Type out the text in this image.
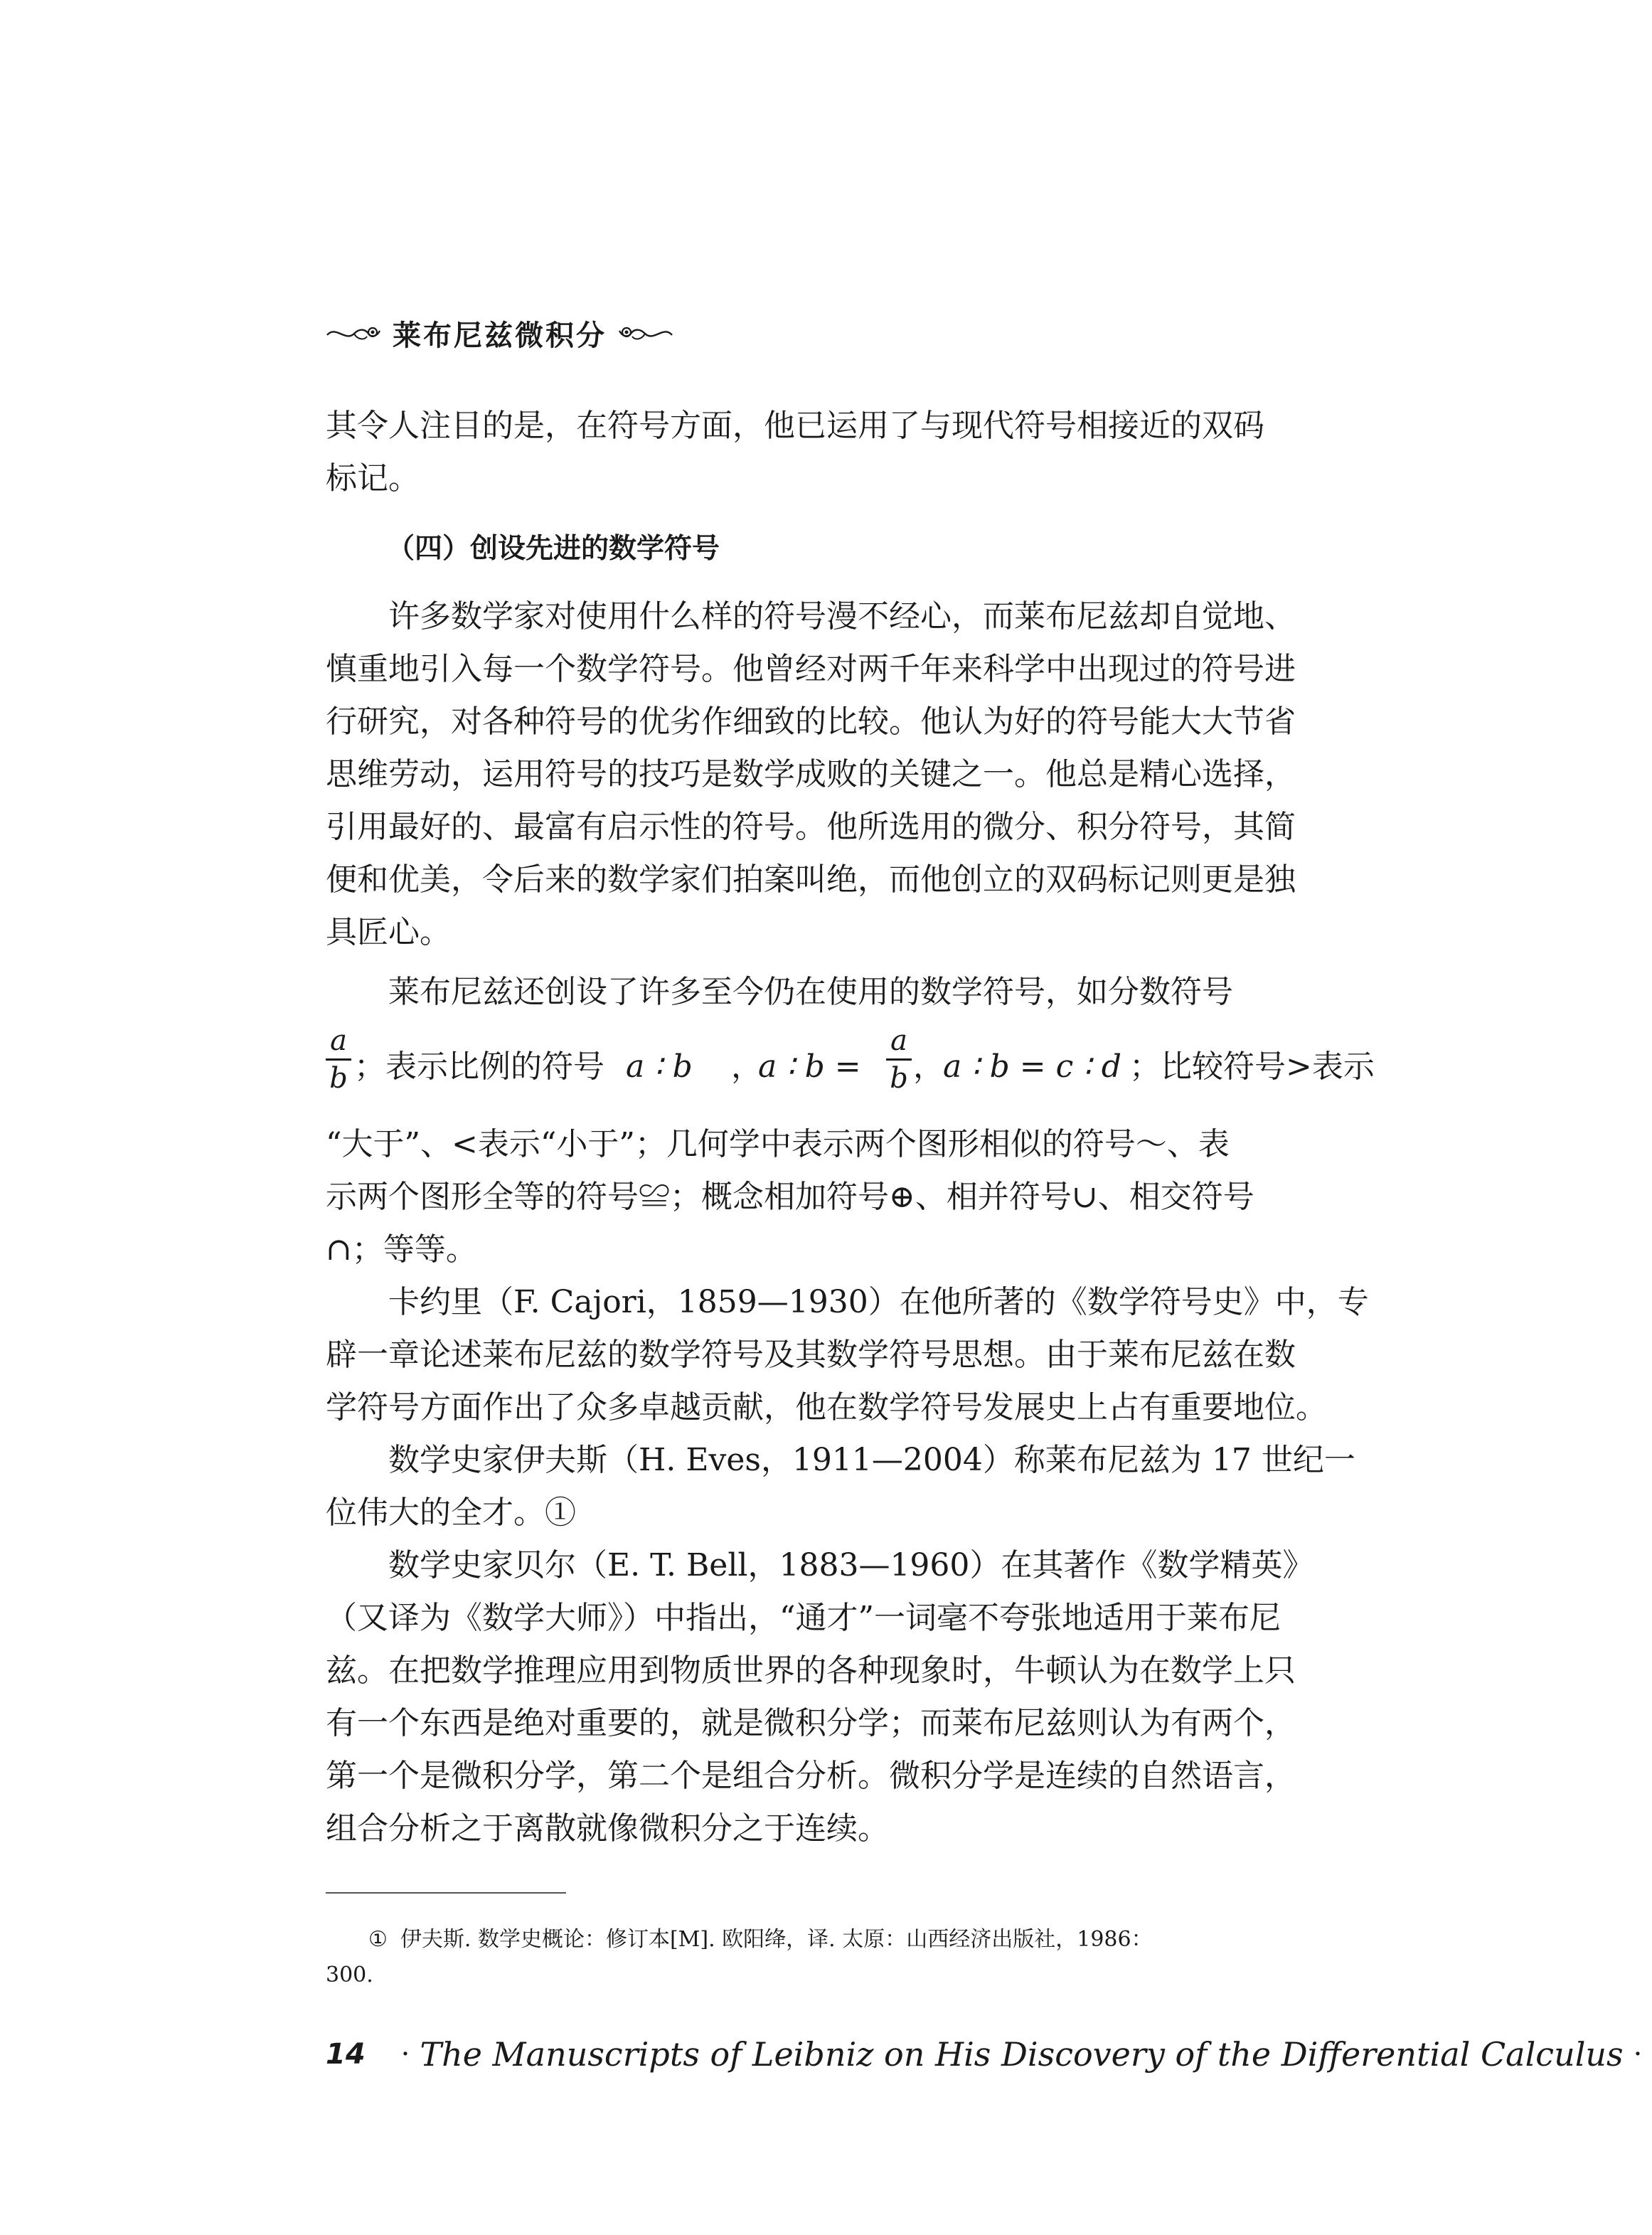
莱布尼兹微积分
其令人注目的是，在符号方面，他已运用了与现代符号相接近的双码
标记。
（四）创设先进的数学符号
许多数学家对使用什么样的符号漫不经心，而莱布尼兹却自觉地、
慎重地引入每一个数学符号。他曾经对两千年来科学中出现过的符号进
行研究，对各种符号的优劣作细致的比较。他认为好的符号能大大节省
思维劳动，运用符号的技巧是数学成败的关键之一。他总是精心选择，
引用最好的、最富有启示性的符号。他所选用的微分、积分符号，其简
便和优美，令后来的数学家们拍案叫绝，而他创立的双码标记则更是独
具匠心。
莱布尼兹还创设了许多至今仍在使用的数学符号，如分数符号
a
b ；表示比例的符号 a ∶ b ，
a ∶ b =
a
b ，
a ∶ b = c ∶ d ；比较符号>表示
“大于”、<表示“小于”；几何学中表示两个图形相似的符号～、表
示两个图形全等的符号≌；概念相加符号⊕、相并符号∪、相交符号
∩；等等。
卡约里（F. Cajori，1859—1930）在他所著的《数学符号史》中，专
辟一章论述莱布尼兹的数学符号及其数学符号思想。由于莱布尼兹在数
学符号方面作出了众多卓越贡献，他在数学符号发展史上占有重要地位。
数学史家伊夫斯（H. Eves，1911—2004）称莱布尼兹为 17 世纪一
位伟大的全才。①
数学史家贝尔（E. T. Bell，1883—1960）在其著作《数学精英》
（又译为《数学大师》）中指出，“通才”一词毫不夸张地适用于莱布尼
兹。在把数学推理应用到物质世界的各种现象时，牛顿认为在数学上只
有一个东西是绝对重要的，就是微积分学；而莱布尼兹则认为有两个，
第一个是微积分学，第二个是组合分析。微积分学是连续的自然语言，
组合分析之于离散就像微积分之于连续。
① 伊夫斯. 数学史概论：修订本[M]. 欧阳绛，译. 太原：山西经济出版社，1986：
300.
14 · The Manuscripts of Leibniz on His Discovery of the Differential Calculus ·
